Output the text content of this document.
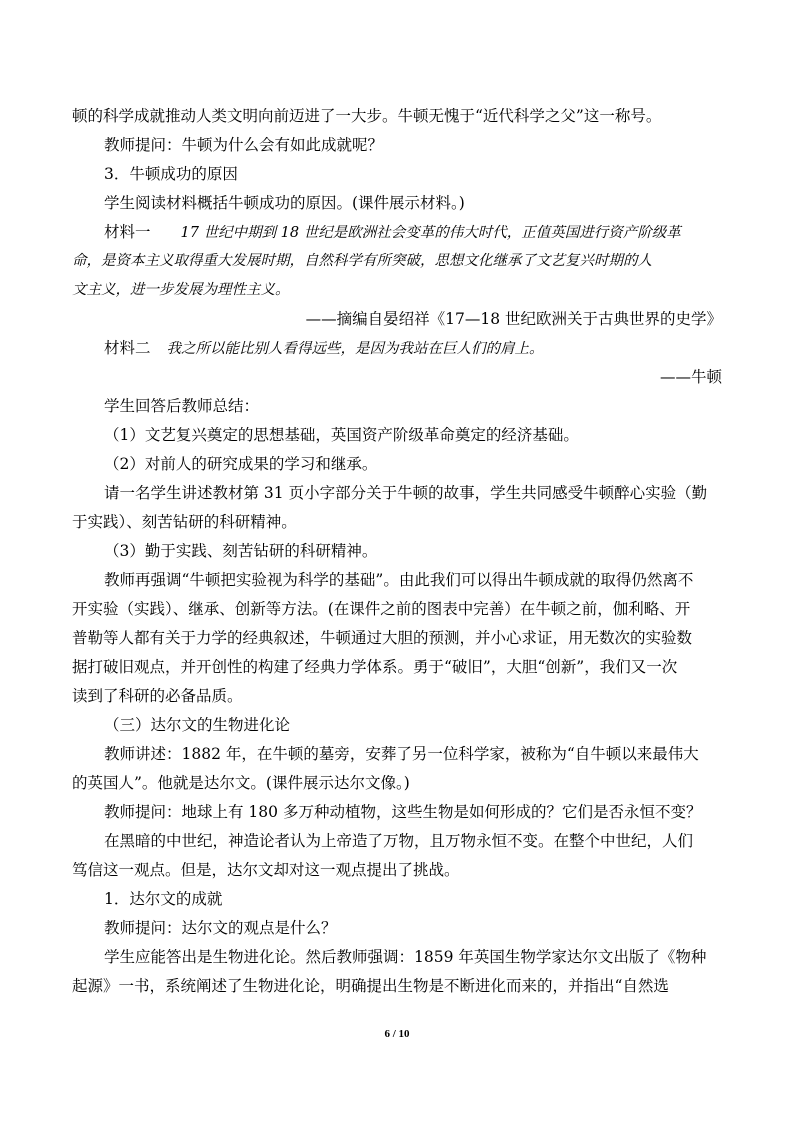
顿的科学成就推动人类文明向前迈进了一大步。牛顿无愧于“近代科学之父”这一称号。
教师提问：牛顿为什么会有如此成就呢？
3．牛顿成功的原因
学生阅读材料概括牛顿成功的原因。(课件展示材料。)
材料一 17 世纪中期到 18 世纪是欧洲社会变革的伟大时代，正值英国进行资产阶级革
命，是资本主义取得重大发展时期，自然科学有所突破，思想文化继承了文艺复兴时期的人
文主义，进一步发展为理性主义。
——摘编自晏绍祥《17—18 世纪欧洲关于古典世界的史学》
材料二 我之所以能比别人看得远些，是因为我站在巨人们的肩上。
——牛顿
学生回答后教师总结：
（1）文艺复兴奠定的思想基础，英国资产阶级革命奠定的经济基础。
（2）对前人的研究成果的学习和继承。
请一名学生讲述教材第 31 页小字部分关于牛顿的故事，学生共同感受牛顿醉心实验（勤
于实践）、刻苦钻研的科研精神。
（3）勤于实践、刻苦钻研的科研精神。
教师再强调“牛顿把实验视为科学的基础”。由此我们可以得出牛顿成就的取得仍然离不
开实验（实践）、继承、创新等方法。(在课件之前的图表中完善）在牛顿之前，伽利略、开
普勒等人都有关于力学的经典叙述，牛顿通过大胆的预测，并小心求证，用无数次的实验数
据打破旧观点，并开创性的构建了经典力学体系。勇于“破旧”，大胆“创新”，我们又一次
读到了科研的必备品质。
（三）达尔文的生物进化论
教师讲述：1882 年，在牛顿的墓旁，安葬了另一位科学家，被称为“自牛顿以来最伟大
的英国人”。他就是达尔文。(课件展示达尔文像。)
教师提问：地球上有 180 多万种动植物，这些生物是如何形成的？它们是否永恒不变？
在黑暗的中世纪，神造论者认为上帝造了万物，且万物永恒不变。在整个中世纪，人们
笃信这一观点。但是，达尔文却对这一观点提出了挑战。
1．达尔文的成就
教师提问：达尔文的观点是什么？
学生应能答出是生物进化论。然后教师强调：1859 年英国生物学家达尔文出版了《物种
起源》一书，系统阐述了生物进化论，明确提出生物是不断进化而来的，并指出“自然选
6 / 10
